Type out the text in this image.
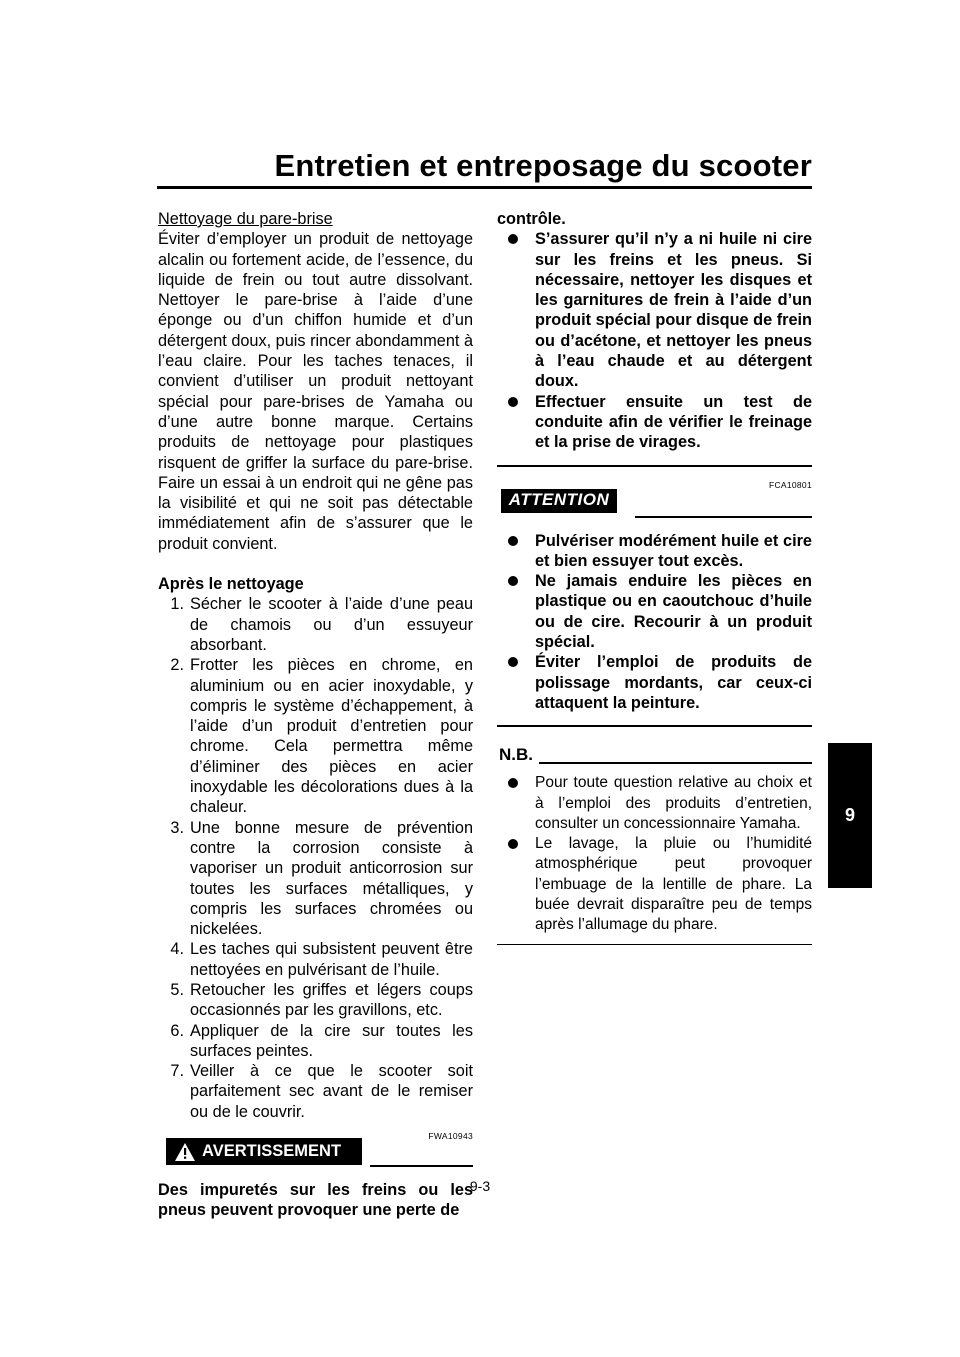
Entretien et entreposage du scooter
9

Nettoyage du pare-brise

Éviter d’employer un produit de nettoyage alcalin ou fortement acide, de l’essence, du liquide de frein ou tout autre dissolvant. Nettoyer le pare-brise à l’aide d’une éponge ou d’un chiffon humide et d’un détergent doux, puis rincer abondamment à l’eau claire. Pour les taches tenaces, il convient d’utiliser un produit nettoyant spécial pour pare-brises de Yamaha ou d’une autre bonne marque. Certains produits de nettoyage pour plastiques risquent de griffer la surface du pare-brise. Faire un essai à un endroit qui ne gêne pas la visibilité et qui ne soit pas détectable immédiatement afin de s’assurer que le produit convient.

Après le nettoyage

1. Sécher le scooter à l’aide d’une peau de chamois ou d’un essuyeur absorbant.
2. Frotter les pièces en chrome, en aluminium ou en acier inoxydable, y compris le système d’échappement, à l’aide d’un produit d’entretien pour chrome. Cela permettra même d’éliminer des pièces en acier inoxydable les décolorations dues à la chaleur.
3. Une bonne mesure de prévention contre la corrosion consiste à vaporiser un produit anticorrosion sur toutes les surfaces métalliques, y compris les surfaces chromées ou nickelées.
4. Les taches qui subsistent peuvent être nettoyées en pulvérisant de l’huile.
5. Retoucher les griffes et légers coups occasionnés par les gravillons, etc.
6. Appliquer de la cire sur toutes les surfaces peintes.
7. Veiller à ce que le scooter soit parfaitement sec avant de le remiser ou de le couvrir.
FWA10943
AVERTISSEMENT

Des impuretés sur les freins ou les pneus peuvent provoquer une perte de

contrôle.

S’assurer qu’il n’y a ni huile ni cire sur les freins et les pneus. Si nécessaire, nettoyer les disques et les garnitures de frein à l’aide d’un produit spécial pour disque de frein ou d’acétone, et nettoyer les pneus à l’eau chaude et au détergent doux.
Effectuer ensuite un test de conduite afin de vérifier le freinage et la prise de virages.
FCA10801
ATTENTION
Pulvériser modérément huile et cire et bien essuyer tout excès.
Ne jamais enduire les pièces en plastique ou en caoutchouc d’huile ou de cire. Recourir à un produit spécial.
Éviter l’emploi de produits de polissage mordants, car ceux-ci attaquent la peinture.
N.B.
Pour toute question relative au choix et à l’emploi des produits d’entretien, consulter un concessionnaire Yamaha.
Le lavage, la pluie ou l’humidité atmosphérique peut provoquer l’embuage de la lentille de phare. La buée devrait disparaître peu de temps après l’allumage du phare.
9-3
